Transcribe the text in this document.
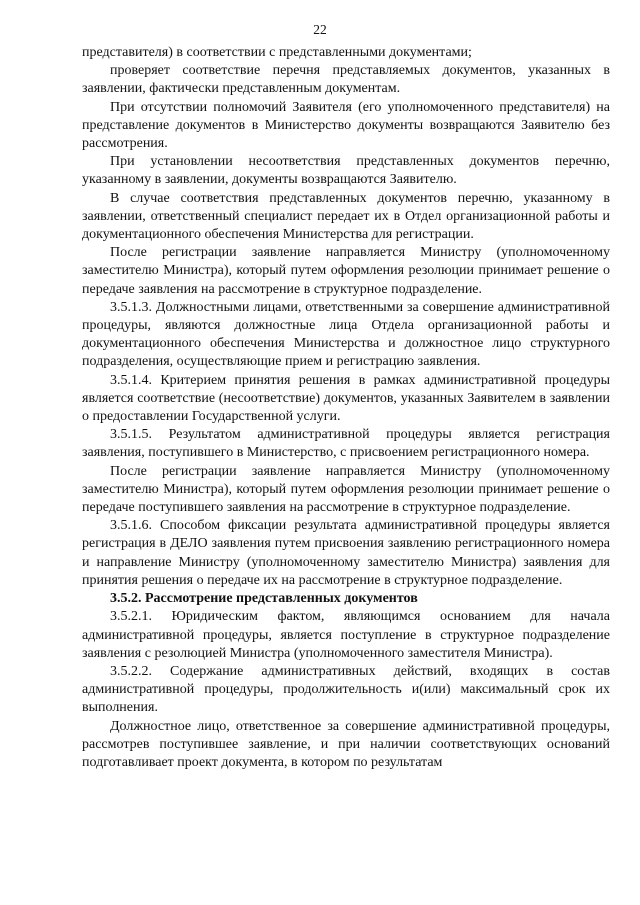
22

представителя) в соответствии с представленными документами;

проверяет соответствие перечня представляемых документов, указанных в заявлении, фактически представленным документам.

При отсутствии полномочий Заявителя (его уполномоченного представителя) на представление документов в Министерство документы возвращаются Заявителю без рассмотрения.

При установлении несоответствия представленных документов перечню, указанному в заявлении, документы возвращаются Заявителю.

В случае соответствия представленных документов перечню, указанному в заявлении, ответственный специалист передает их в Отдел организационной работы и документационного обеспечения Министерства для регистрации.

После регистрации заявление направляется Министру (уполномоченному заместителю Министра), который путем оформления резолюции принимает решение о передаче заявления на рассмотрение в структурное подразделение.

3.5.1.3. Должностными лицами, ответственными за совершение административной процедуры, являются должностные лица Отдела организационной работы и документационного обеспечения Министерства и должностное лицо структурного подразделения, осуществляющие прием и регистрацию заявления.

3.5.1.4. Критерием принятия решения в рамках административной процедуры является соответствие (несоответствие) документов, указанных Заявителем в заявлении о предоставлении Государственной услуги.

3.5.1.5. Результатом административной процедуры является регистрация заявления, поступившего в Министерство, с присвоением регистрационного номера.

После регистрации заявление направляется Министру (уполномоченному заместителю Министра), который путем оформления резолюции принимает решение о передаче поступившего заявления на рассмотрение в структурное подразделение.

3.5.1.6. Способом фиксации результата административной процедуры является регистрация в ДЕЛО заявления путем присвоения заявлению регистрационного номера и направление Министру (уполномоченному заместителю Министра) заявления для принятия решения о передаче их на рассмотрение в структурное подразделение.

3.5.2. Рассмотрение представленных документов

3.5.2.1. Юридическим фактом, являющимся основанием для начала административной процедуры, является поступление в структурное подразделение заявления с резолюцией Министра (уполномоченного заместителя Министра).

3.5.2.2. Содержание административных действий, входящих в состав административной процедуры, продолжительность и(или) максимальный срок их выполнения.

Должностное лицо, ответственное за совершение административной процедуры, рассмотрев поступившее заявление, и при наличии соответствующих оснований подготавливает проект документа, в котором по результатам
